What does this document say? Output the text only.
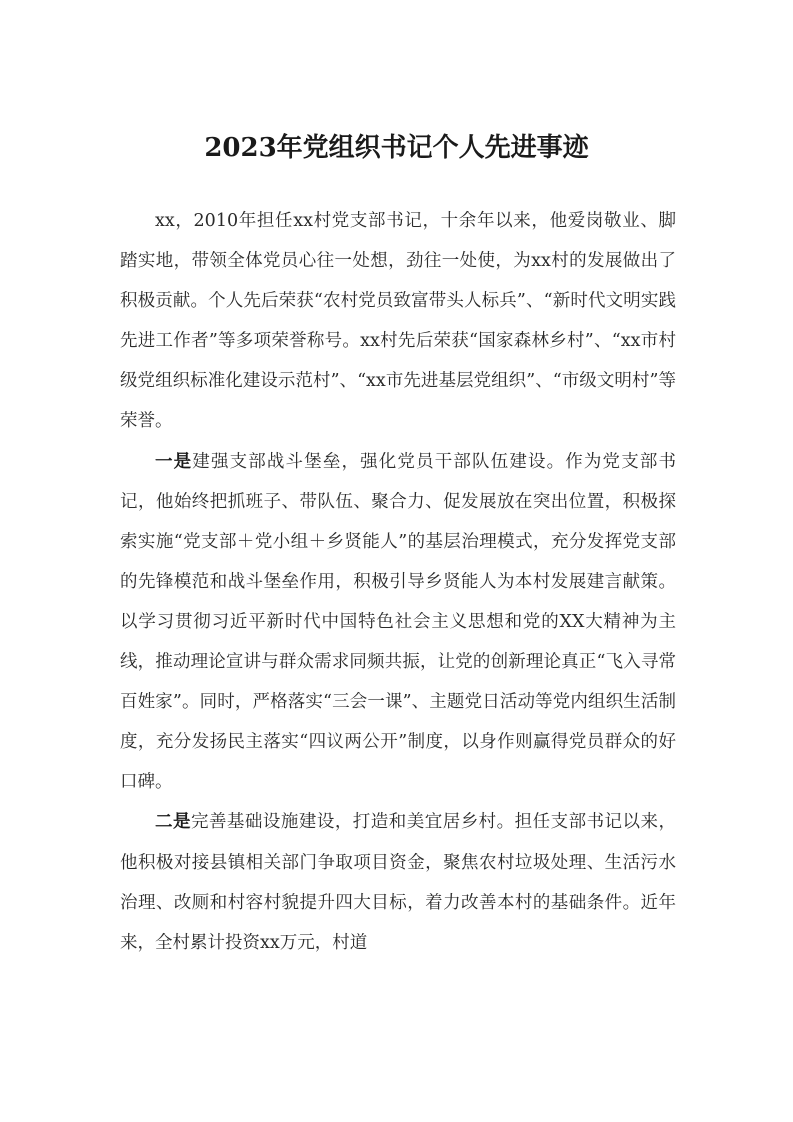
2023年党组织书记个人先进事迹

xx，2010年担任xx村党支部书记，十余年以来，他爱岗敬业、脚踏实地，带领全体党员心往一处想，劲往一处使，为xx村的发展做出了积极贡献。个人先后荣获“农村党员致富带头人标兵”、“新时代文明实践先进工作者”等多项荣誉称号。xx村先后荣获“国家森林乡村”、“xx市村级党组织标准化建设示范村”、“xx市先进基层党组织”、“市级文明村”等荣誉。

一是建强支部战斗堡垒，强化党员干部队伍建设。作为党支部书记，他始终把抓班子、带队伍、聚合力、促发展放在突出位置，积极探索实施“党支部＋党小组＋乡贤能人”的基层治理模式，充分发挥党支部的先锋模范和战斗堡垒作用，积极引导乡贤能人为本村发展建言献策。以学习贯彻习近平新时代中国特色社会主义思想和党的XX大精神为主线，推动理论宣讲与群众需求同频共振，让党的创新理论真正“飞入寻常百姓家”。同时，严格落实“三会一课”、主题党日活动等党内组织生活制度，充分发扬民主落实“四议两公开”制度，以身作则赢得党员群众的好口碑。

二是完善基础设施建设，打造和美宜居乡村。担任支部书记以来，他积极对接县镇相关部门争取项目资金，聚焦农村垃圾处理、生活污水治理、改厕和村容村貌提升四大目标，着力改善本村的基础条件。近年来，全村累计投资xx万元，村道
